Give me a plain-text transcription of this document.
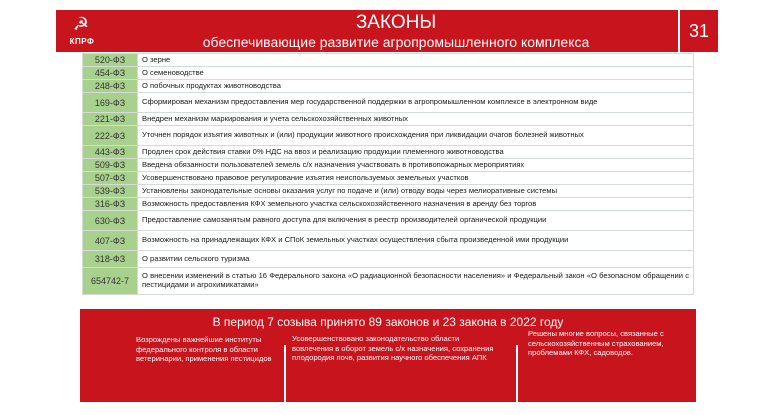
☭
КПРФ
ЗАКОНЫ
обеспечивающие развитие агропромышленного комплекса
31
520-ФЗ	О зерне
454-ФЗ	О семеноводстве
248-ФЗ	О побочных продуктах животноводства
169-ФЗ	Сформирован механизм предоставления мер государственной поддержки в агропромышленном комплексе в электронном виде
221-ФЗ	Внедрен механизм маркирования и учета сельскохозяйственных животных
222-ФЗ	Уточнен порядок изъятия животных и (или) продукции животного происхождения при ликвидации очагов болезней животных
443-ФЗ	Продлен срок действия ставки 0% НДС на ввоз и реализацию продукции племенного животноводства
509-ФЗ	Введена обязанности пользователей земель с/х назначения участвовать в противопожарных мероприятиях
507-ФЗ	Усовершенствовано правовое регулирование изъятия неиспользуемых земельных участков
539-ФЗ	Установлены законодательные основы оказания услуг по подаче и (или) отводу воды через мелиоративные системы
316-ФЗ	Возможность предоставления КФХ земельного участка сельскохозяйственного назначения в аренду без торгов
630-ФЗ	Предоставление самозанятым равного доступа для включения в реестр производителей органической продукции
407-ФЗ	Возможность на принадлежащих КФХ и СПоК земельных участках осуществления сбыта произведенной ими продукции
318-ФЗ	О развитии сельского туризма
654742-7	О внесении изменений в статью 16 Федерального закона «О радиационной безопасности населения» и Федеральный закон «О безопасном обращении с пестицидами и агрохимикатами»
В период 7 созыва принято 89 законов и 23 закона в 2022 году
Возрождены важнейшие институты федерального контроля в области ветеринарии, применения пестицидов
Усовершенствовано законодательство области вовлечения в оборот земель с/х назначения, сохранения плодородия почв, развития научного обеспечения АПК
Решены многие вопросы, связанные с сельскохозяйственным страхованием, проблемами КФХ, садоводов.
